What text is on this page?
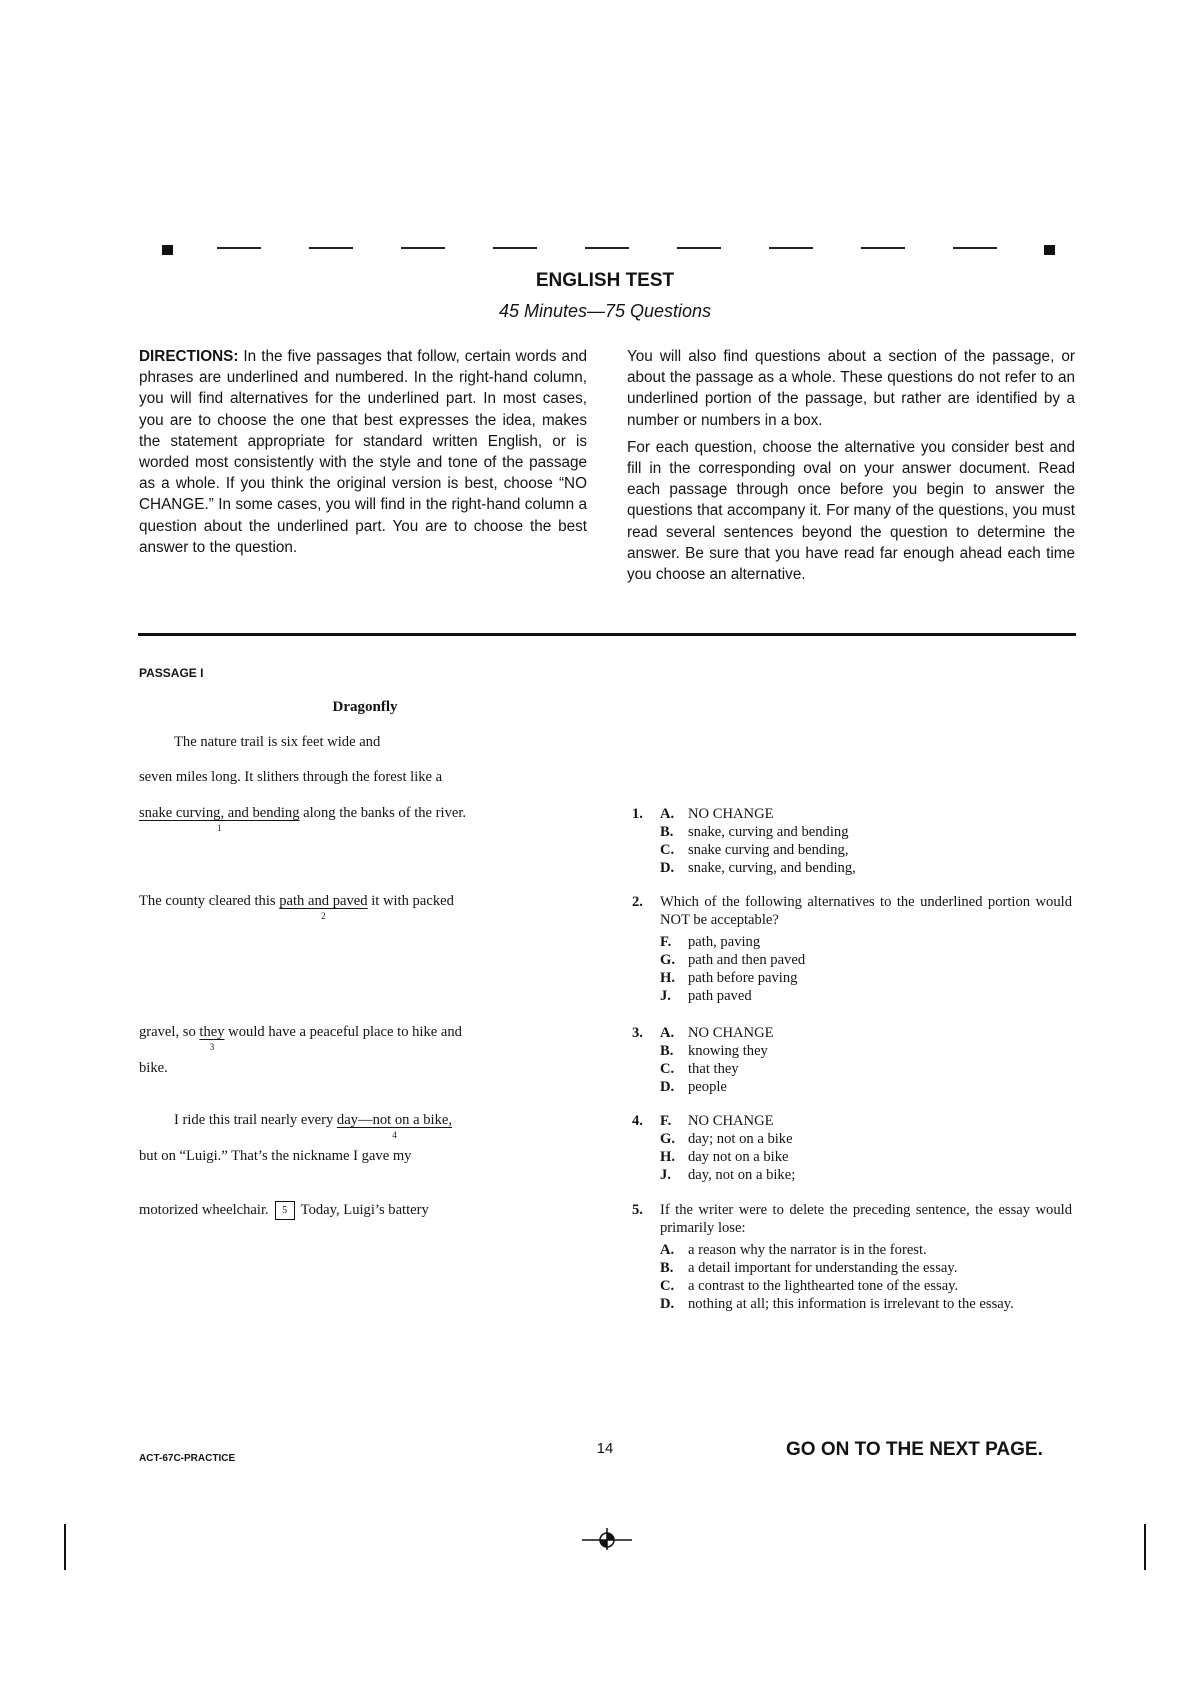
ENGLISH TEST
45 Minutes—75 Questions

DIRECTIONS: In the five passages that follow, certain words and phrases are underlined and numbered. In the right-hand column, you will find alternatives for the underlined part. In most cases, you are to choose the one that best expresses the idea, makes the statement appropriate for standard written English, or is worded most consistently with the style and tone of the passage as a whole. If you think the original version is best, choose “NO CHANGE.” In some cases, you will find in the right-hand column a question about the underlined part. You are to choose the best answer to the question.

You will also find questions about a section of the passage, or about the passage as a whole. These questions do not refer to an underlined portion of the passage, but rather are identified by a number or numbers in a box.

For each question, choose the alternative you consider best and fill in the corresponding oval on your answer document. Read each passage through once before you begin to answer the questions that accompany it. For many of the questions, you must read several sentences beyond the question to determine the answer. Be sure that you have read far enough ahead each time you choose an alternative.

PASSAGE I
Dragonfly
The nature trail is six feet wide and
seven miles long. It slithers through the forest like a
snake curving, and bending
1
along the banks of the river.
The county cleared this path and paved
2
it with packed
gravel, so they
3
would have a peaceful place to hike and
bike.
I ride this trail nearly every day—not on a bike,
4
but on “Luigi.” That’s the nickname I gave my
motorized wheelchair. 5 Today, Luigi’s battery
1. A. NO CHANGE
B. snake, curving and bending
C. snake curving and bending,
D. snake, curving, and bending,
2. Which of the following alternatives to the underlined portion would NOT be acceptable?
F. path, paving
G. path and then paved
H. path before paving
J. path paved
3. A. NO CHANGE
B. knowing they
C. that they
D. people
4. F. NO CHANGE
G. day; not on a bike
H. day not on a bike
J. day, not on a bike;
5. If the writer were to delete the preceding sentence, the essay would primarily lose:
A. a reason why the narrator is in the forest.
B. a detail important for understanding the essay.
C. a contrast to the lighthearted tone of the essay.
D. nothing at all; this information is irrelevant to the essay.
ACT-67C-PRACTICE
14	GO ON TO THE NEXT PAGE.
